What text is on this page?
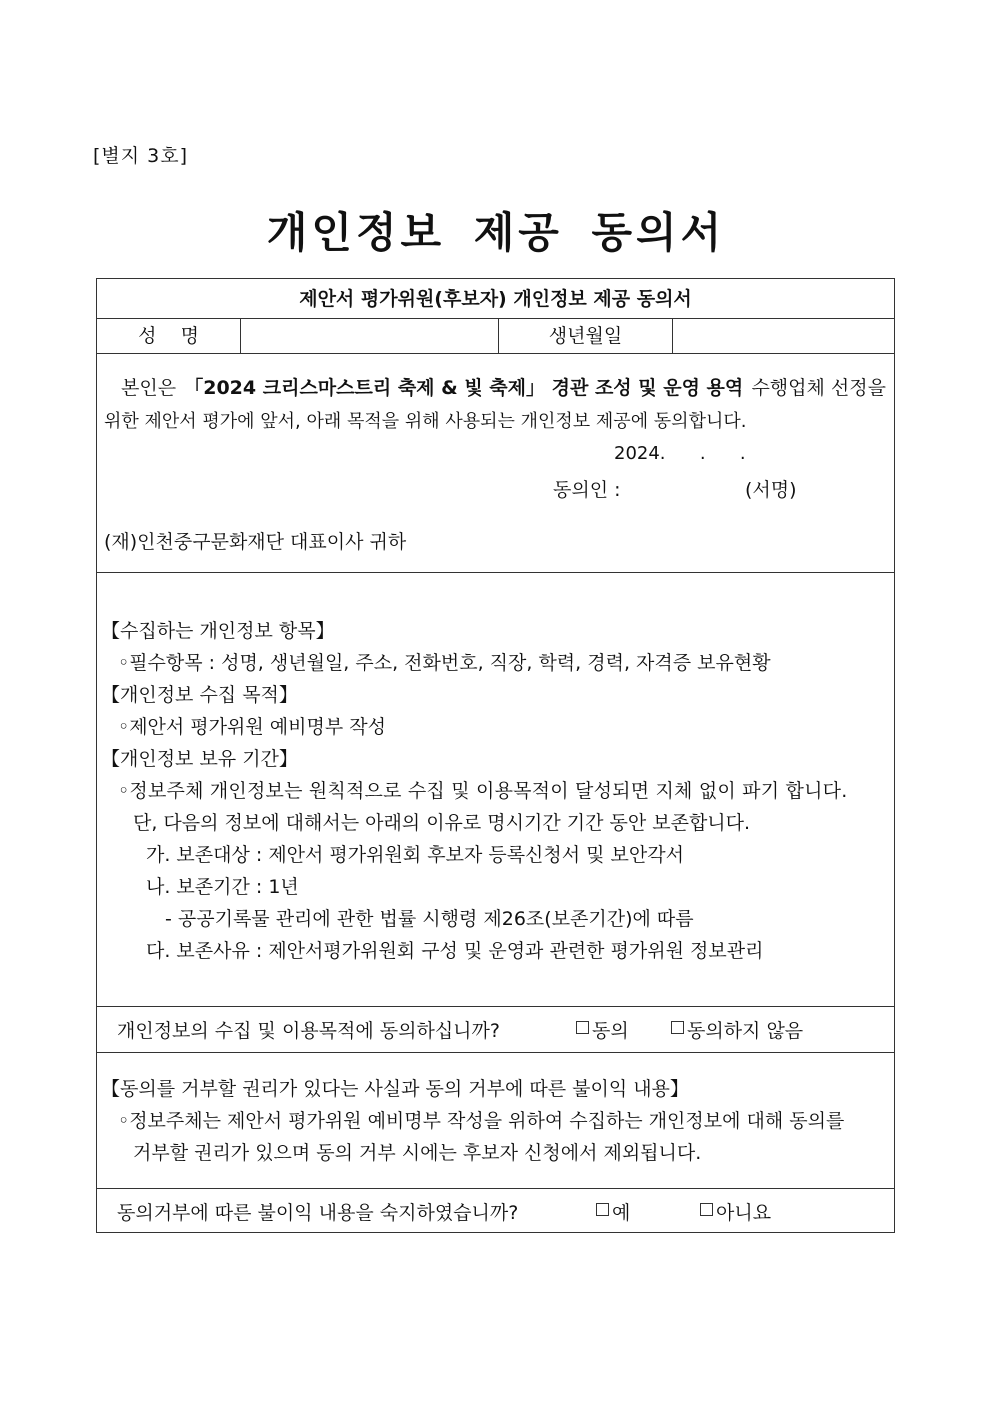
[별지 3호]
개인정보 제공 동의서
제안서 평가위원(후보자) 개인정보 제공 동의서
성    명	생년월일
본인은 「2024 크리스마스트리 축제 & 빛 축제」 경관 조성 및 운영 용역 수행업체 선정을
위한 제안서 평가에 앞서, 아래 목적을 위해 사용되는 개인정보 제공에 동의합니다.
2024.      .      .
동의인 :	(서명)
(재)인천중구문화재단 대표이사 귀하
【수집하는 개인정보 항목】
◦필수항목 : 성명, 생년월일, 주소, 전화번호, 직장, 학력, 경력, 자격증 보유현황
【개인정보 수집 목적】
◦제안서 평가위원 예비명부 작성
【개인정보 보유 기간】
◦정보주체 개인정보는 원칙적으로 수집 및 이용목적이 달성되면 지체 없이 파기 합니다.
단, 다음의 정보에 대해서는 아래의 이유로 명시기간 기간 동안 보존합니다.
가. 보존대상 : 제안서 평가위원회 후보자 등록신청서 및 보안각서
나. 보존기간 : 1년
- 공공기록물 관리에 관한 법률 시행령 제26조(보존기간)에 따름
다. 보존사유 : 제안서평가위원회 구성 및 운영과 관련한 평가위원 정보관리
개인정보의 수집 및 이용목적에 동의하십니까?	동의	동의하지 않음
【동의를 거부할 권리가 있다는 사실과 동의 거부에 따른 불이익 내용】
◦정보주체는 제안서 평가위원 예비명부 작성을 위하여 수집하는 개인정보에 대해 동의를
거부할 권리가 있으며 동의 거부 시에는 후보자 신청에서 제외됩니다.
동의거부에 따른 불이익 내용을 숙지하였습니까?	예	아니요
